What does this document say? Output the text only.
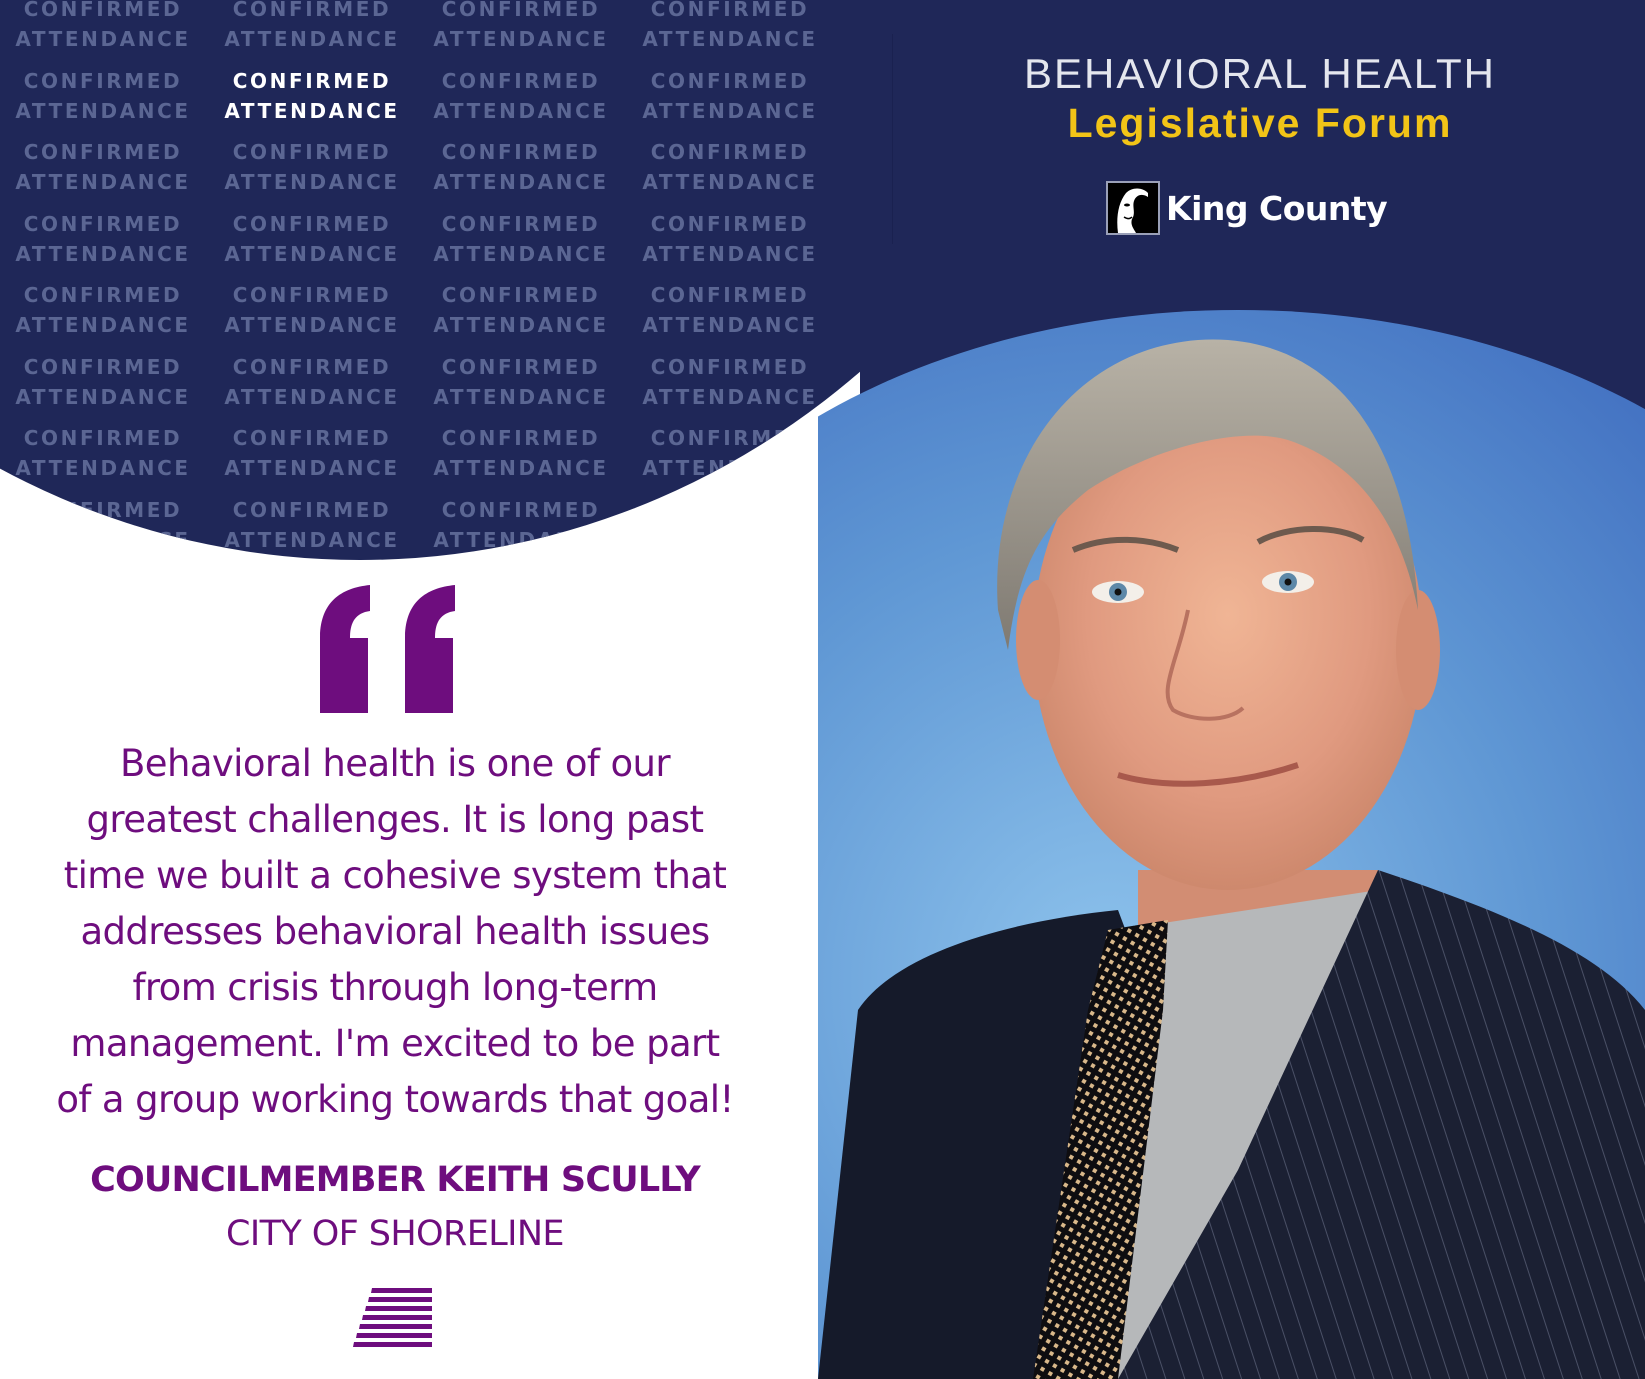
CONFIRMED
ATTENDANCE
CONFIRMED
ATTENDANCE
CONFIRMED
ATTENDANCE
CONFIRMED
ATTENDANCE
CONFIRMED
ATTENDANCE
CONFIRMED
ATTENDANCE
CONFIRMED
ATTENDANCE
CONFIRMED
ATTENDANCE
CONFIRMED
ATTENDANCE
CONFIRMED
ATTENDANCE
CONFIRMED
ATTENDANCE
CONFIRMED
ATTENDANCE
CONFIRMED
ATTENDANCE
CONFIRMED
ATTENDANCE
CONFIRMED
ATTENDANCE
CONFIRMED
ATTENDANCE
CONFIRMED
ATTENDANCE
CONFIRMED
ATTENDANCE
CONFIRMED
ATTENDANCE
CONFIRMED
ATTENDANCE
CONFIRMED
ATTENDANCE
CONFIRMED
ATTENDANCE
CONFIRMED
ATTENDANCE
CONFIRMED
ATTENDANCE
CONFIRMED
ATTENDANCE
CONFIRMED
ATTENDANCE
CONFIRMED
ATTENDANCE
CONFIRMED
ATTENDANCE
CONFIRMED
ATTENDANCE
CONFIRMED
ATTENDANCE
CONFIRMED
ATTENDANCE
CONFIRMED
ATTENDANCE
BEHAVIORAL HEALTH
Legislative Forum
King County
Behavioral health is one of our
greatest challenges. It is long past
time we built a cohesive system that
addresses behavioral health issues
from crisis through long-term
management. I'm excited to be part
of a group working towards that goal!
COUNCILMEMBER KEITH SCULLY
CITY OF SHORELINE
